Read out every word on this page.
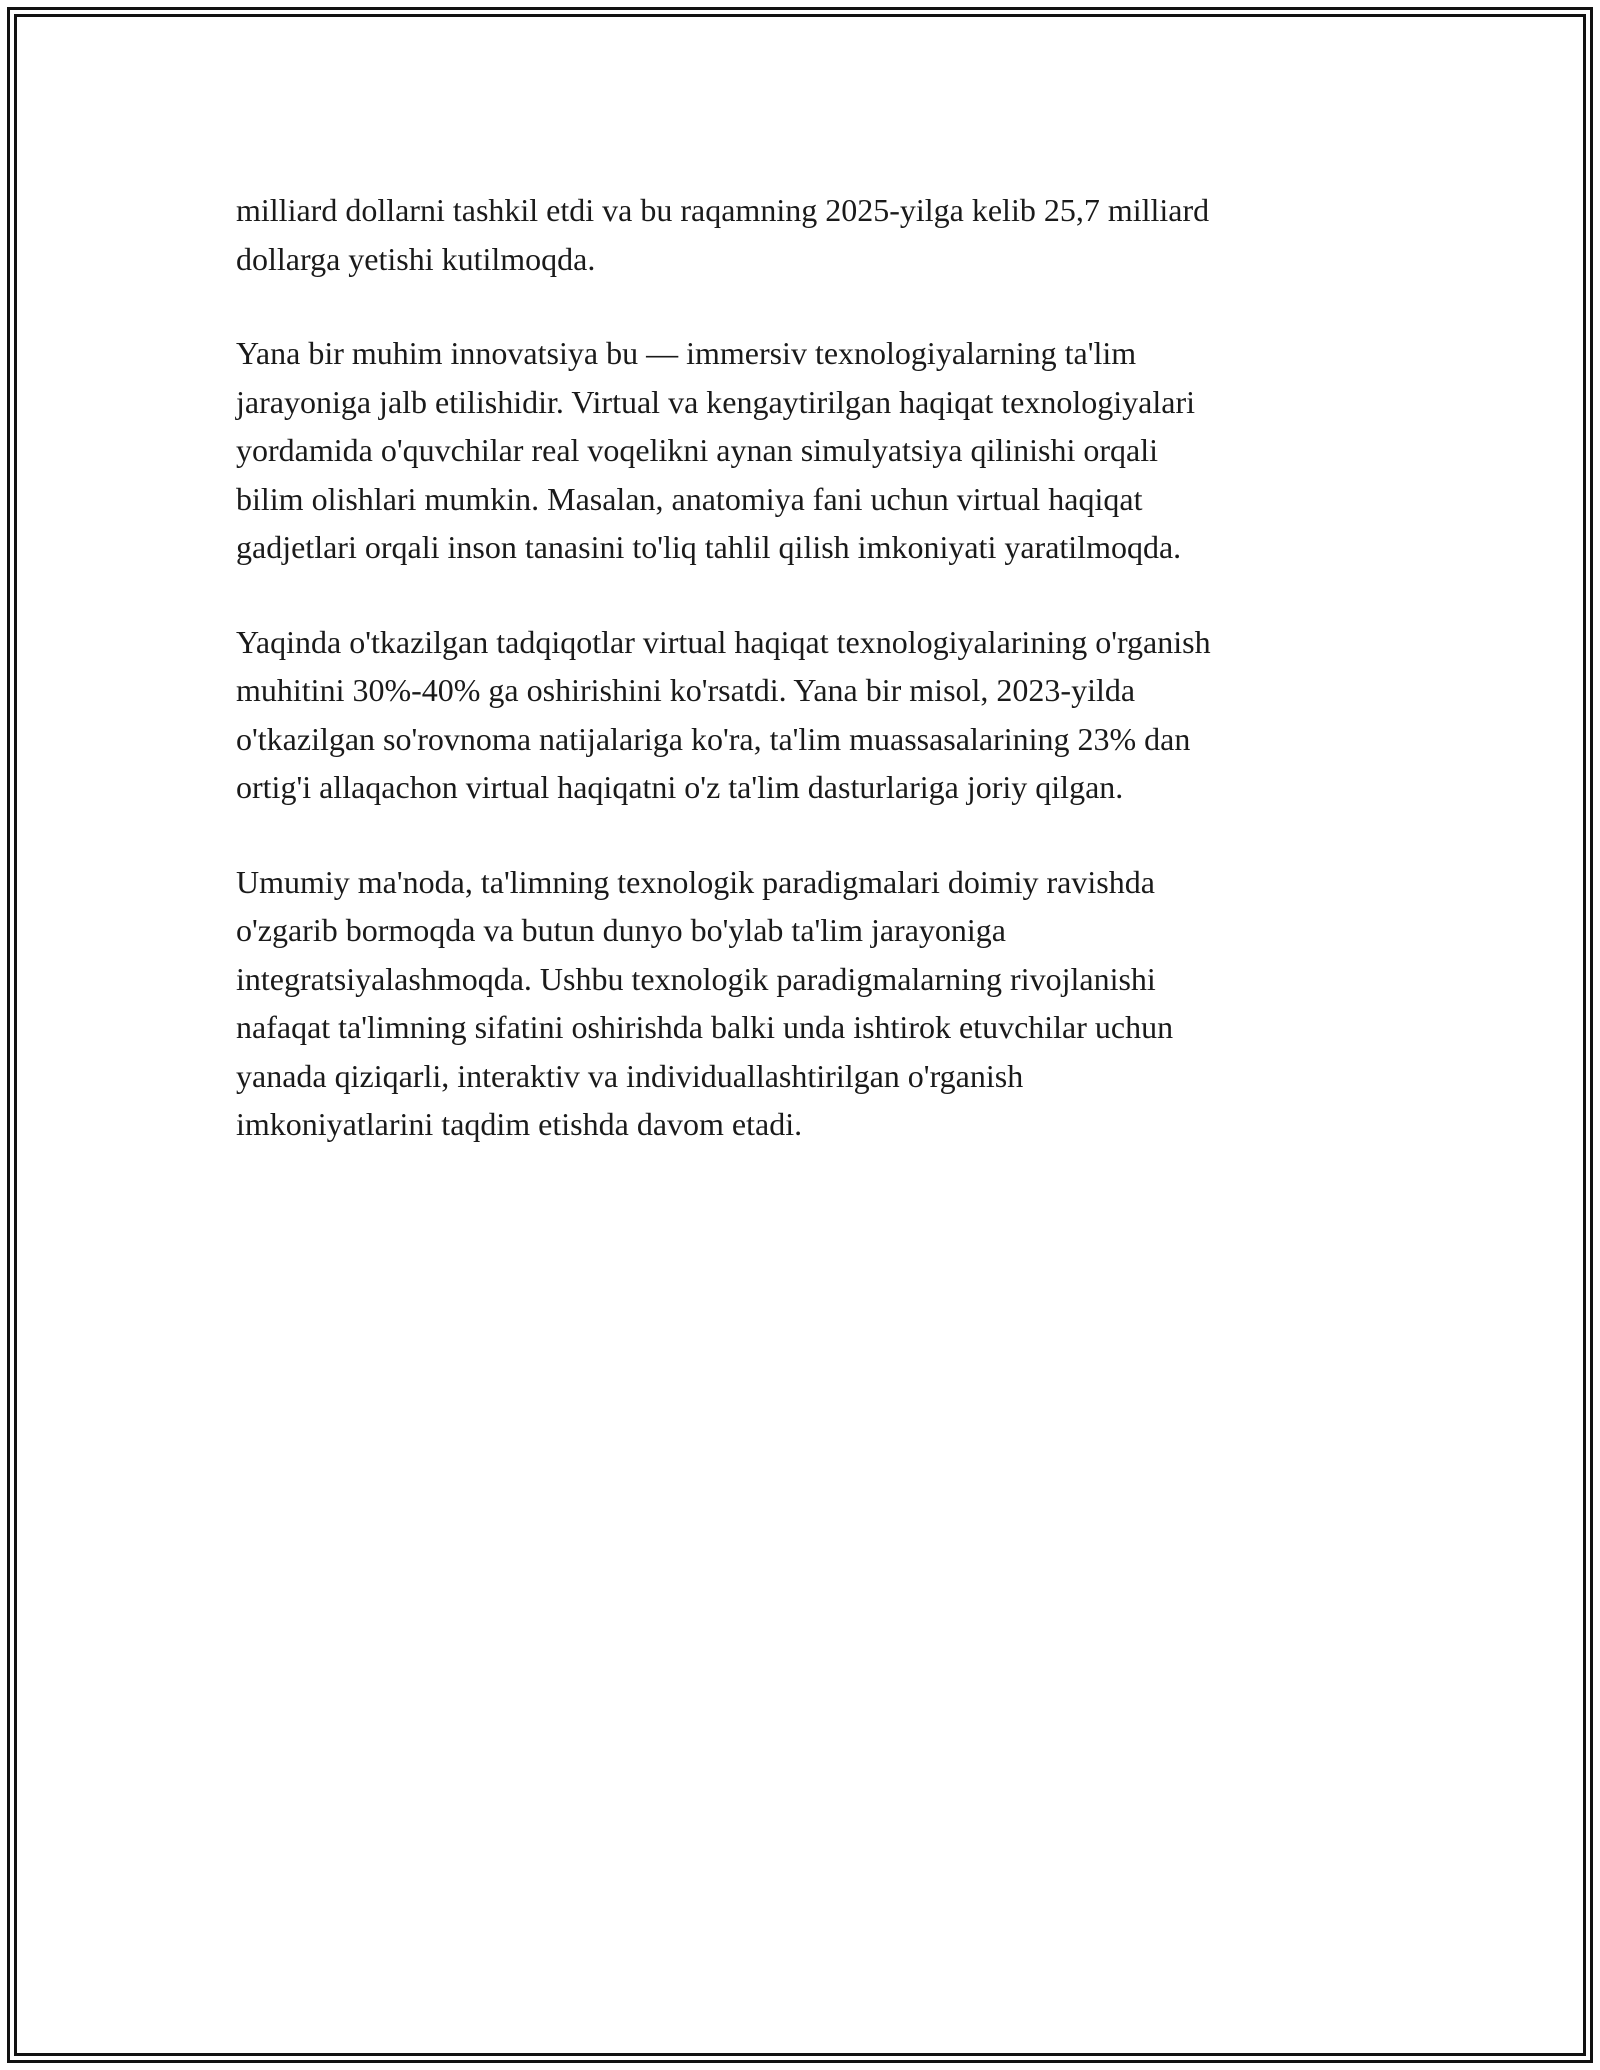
milliard dollarni tashkil etdi va bu raqamning 2025-yilga kelib 25,7 milliard
dollarga yetishi kutilmoqda.

Yana bir muhim innovatsiya bu — immersiv texnologiyalarning ta'lim
jarayoniga jalb etilishidir. Virtual va kengaytirilgan haqiqat texnologiyalari
yordamida o'quvchilar real voqelikni aynan simulyatsiya qilinishi orqali
bilim olishlari mumkin. Masalan, anatomiya fani uchun virtual haqiqat
gadjetlari orqali inson tanasini to'liq tahlil qilish imkoniyati yaratilmoqda.

Yaqinda o'tkazilgan tadqiqotlar virtual haqiqat texnologiyalarining o'rganish
muhitini 30%-40% ga oshirishini ko'rsatdi. Yana bir misol, 2023-yilda
o'tkazilgan so'rovnoma natijalariga ko'ra, ta'lim muassasalarining 23% dan
ortig'i allaqachon virtual haqiqatni o'z ta'lim dasturlariga joriy qilgan.

Umumiy ma'noda, ta'limning texnologik paradigmalari doimiy ravishda
o'zgarib bormoqda va butun dunyo bo'ylab ta'lim jarayoniga
integratsiyalashmoqda. Ushbu texnologik paradigmalarning rivojlanishi
nafaqat ta'limning sifatini oshirishda balki unda ishtirok etuvchilar uchun
yanada qiziqarli, interaktiv va individuallashtirilgan o'rganish
imkoniyatlarini taqdim etishda davom etadi.
